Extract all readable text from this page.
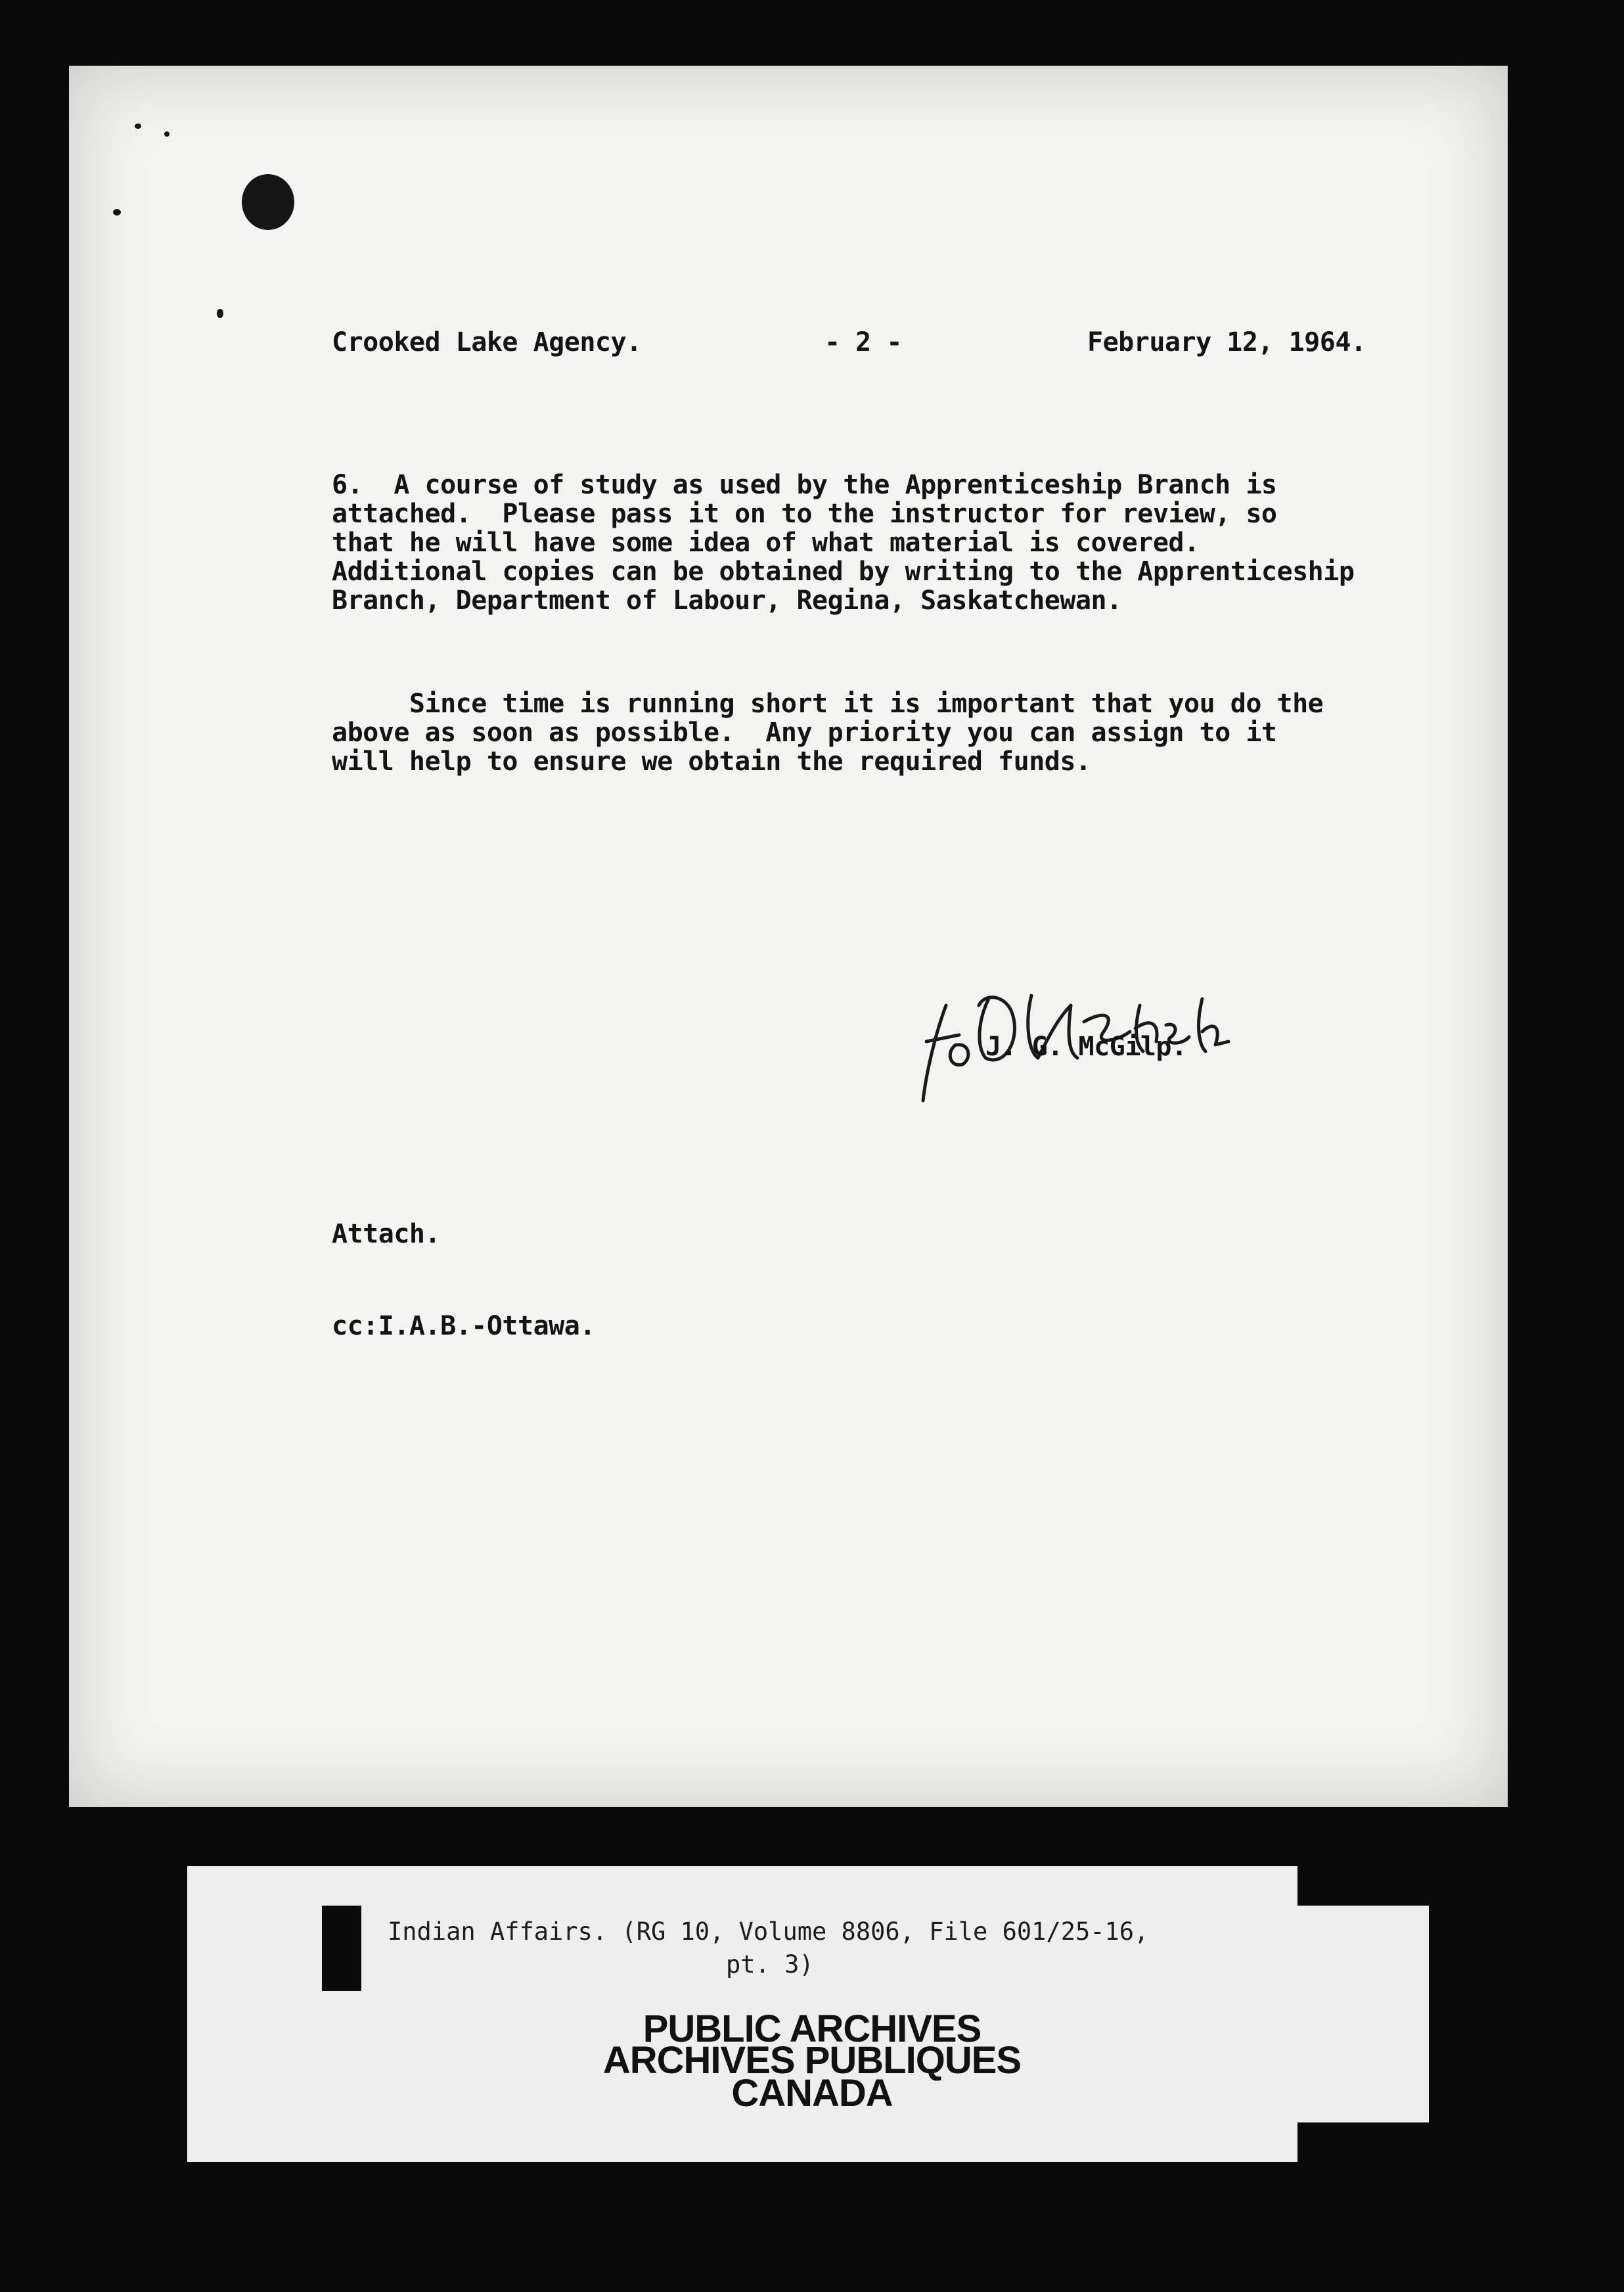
Crooked Lake Agency.	- 2 -	February 12, 1964.

6.  A course of study as used by the Apprenticeship Branch is
attached.  Please pass it on to the instructor for review, so
that he will have some idea of what material is covered.
Additional copies can be obtained by writing to the Apprenticeship
Branch, Department of Labour, Regina, Saskatchewan.

Since time is running short it is important that you do the
above as soon as possible.  Any priority you can assign to it
will help to ensure we obtain the required funds.
J. G. McGilp.
Attach.
cc:I.A.B.-Ottawa.
Indian Affairs. (RG 10, Volume 8806, File 601/25-16,
pt. 3)
PUBLIC ARCHIVES
ARCHIVES PUBLIQUES
CANADA
